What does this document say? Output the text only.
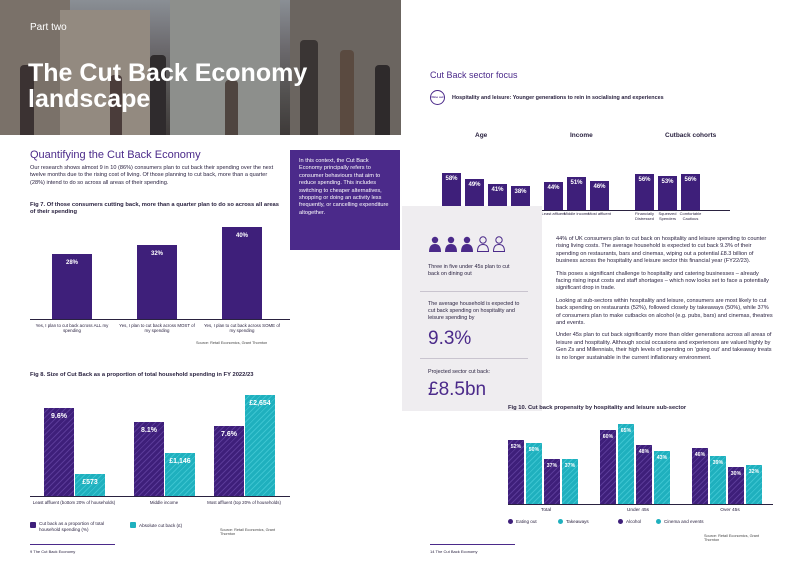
Part two
The Cut Back Economy landscape
Quantifying the Cut Back Economy

Our research shows almost 9 in 10 (86%) consumers plan to cut back their spending over the next twelve months due to the rising cost of living. Of those planning to cut back, more than a quarter (28%) intend to do so across all areas of their spending.

In this context, the Cut Back Economy principally refers to consumer behaviours that aim to reduce spending. This includes switching to cheaper alternatives, shopping or doing an activity less frequently, or cancelling expenditure altogether.

Fig 7. Of those consumers cutting back, more than a quarter plan to do so across all areas of their spending
28%
32%
40%
Source: Retail Economics, Grant Thornton
Yes, I plan to cut back across ALL my spending
Yes, I plan to cut back across MOST of my spending
Yes, I plan to cut back across SOME of my spending
Fig 8. Size of Cut Back as a proportion of total household spending in FY 2022/23
9.6%
£573
8.1%
£1,146
7.6%
£2,654
Cut back as a proportion of total household spending (%)
Absolute cut back (£)
Source: Retail Economics, Grant Thornton
Least affluent (bottom 20% of households)	Middle income	Most affluent (top 20% of households)
9 The Cut Back Economy
Cut Back sector focus
Dine out Hospitality and leisure: Younger generations to rein in socialising and experiences
Age	Income	Cutback cohorts
58%
49%
41%	38%
44%
Least affluent
51%
Middle income
46%
Most affluent
56%
Financially Distressed
53%
Squeezed Spenders
56%
Comfortable Cautious
Three in five under 45s plan to cut back on dining out
The average household is expected to cut back spending on hospitality and leisure spending by
9.3%
Projected sector cut back:
£8.5bn

44% of UK consumers plan to cut back on hospitality and leisure spending to counter rising living costs. The average household is expected to cut back 9.3% of their spending on restaurants, bars and cinemas, wiping out a potential £8.3 billion of business across the hospitality and leisure sector this financial year (FY22/23).

This poses a significant challenge to hospitality and catering businesses – already facing rising input costs and staff shortages – which now looks set to face a potentially significant drop in trade.

Looking at sub-sectors within hospitality and leisure, consumers are most likely to cut back spending on restaurants (52%), followed closely by takeaways (50%), while 37% of consumers plan to make cutbacks on alcohol (e.g. pubs, bars) and cinemas, theatres and events.

Under 45s plan to cut back significantly more than older generations across all areas of leisure and hospitality. Although social occasions and experiences are valued highly by Gen Zs and Millennials, their high levels of spending on ‘going out’ and takeaway treats is no longer sustainable in the current inflationary environment.

Fig 10. Cut back propensity by hospitality and leisure sub-sector
52%	50%
37%	37%
60%
65%
48%
43%
46%
39%
30%	32%
Eating out	Takeaways	Alcohol	Cinema and events
Source: Retail Economics, Grant Thornton
Total	Under 45s	Over 45s
14 The Cut Back Economy
